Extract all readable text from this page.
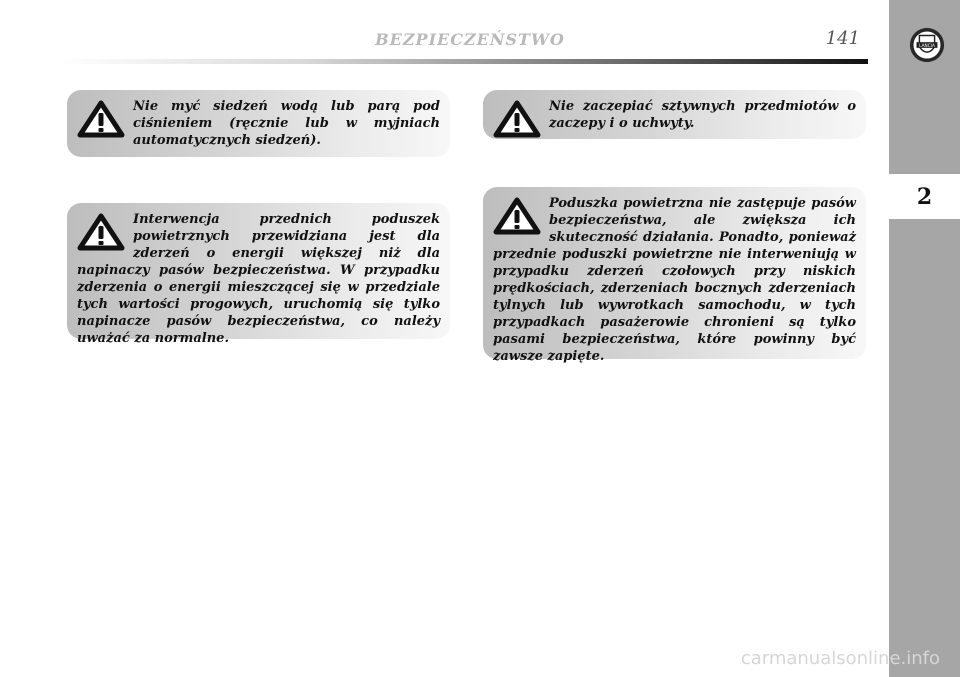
BEZPIECZEŃSTWO	141	LANCIA
2
Nie myć siedzeń wodą lub parą pod ciśnieniem (ręcznie lub w myjniach automatycznych siedzeń).
Interwencja przednich poduszek powietrznych przewidziana jest dla zderzeń o energii większej niż dla napinaczy pasów bezpieczeństwa. W przypadku zderzenia o energii mieszczącej się w przedziale tych wartości progowych, uruchomią się tylko napinacze pasów bezpieczeństwa, co należy uważać za normalne.
Nie zaczepiać sztywnych przedmiotów o zaczepy i o uchwyty.
Poduszka powietrzna nie zastępuje pasów bezpieczeństwa, ale zwiększa ich skuteczność działania. Ponadto, ponieważ przednie poduszki powietrzne nie interweniują w przypadku zderzeń czołowych przy niskich prędkościach, zderzeniach bocznych zderzeniach tylnych lub wywrotkach samochodu, w tych przypadkach pasażerowie chronieni są tylko pasami bezpieczeństwa, które powinny być zawsze zapięte.
carmanualsonline.info
